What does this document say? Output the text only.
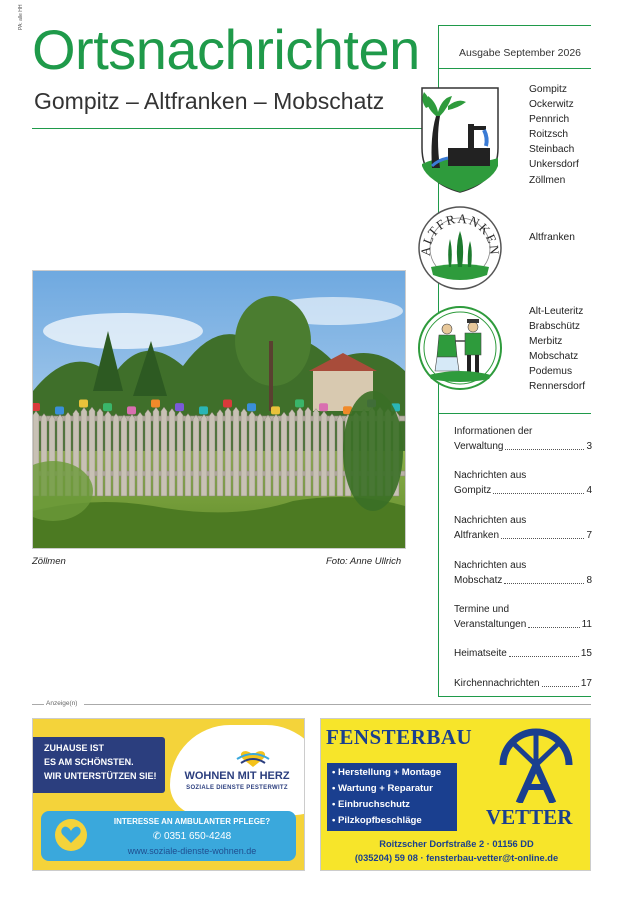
PA: alle HH
Ortsnachrichten
Gompitz – Altfranken – Mobschatz
Ausgabe September 2026
Gompitz
Ockerwitz
Pennrich
Roitzsch
Steinbach
Unkersdorf
Zöllmen
ALTFRANKEN
Altfranken
Alt-Leuteritz
Brabschütz
Merbitz
Mobschatz
Podemus
Rennersdorf
Informationen der
Verwaltung	3
Nachrichten aus
Gompitz	4
Nachrichten aus
Altfranken	7
Nachrichten aus
Mobschatz	8
Termine und
Veranstaltungen	11
Heimatseite	15
Kirchennachrichten	17
Zöllmen	Foto: Anne Ullrich
Anzeige(n)
WOHNEN MIT HERZ
SOZIALE DIENSTE PESTERWITZ
ZUHAUSE IST
ES AM SCHÖNSTEN.
WIR UNTERSTÜTZEN SIE!
INTERESSE AN AMBULANTER PFLEGE?
✆ 0351 650-4248
www.soziale-dienste-wohnen.de
FENSTERBAU
• Herstellung + Montage
• Wartung + Reparatur
• Einbruchschutz
• Pilzkopfbeschläge	VETTER
Roitzscher Dorfstraße 2 · 01156 DD
(035204) 59 08 · fensterbau-vetter@t-online.de
